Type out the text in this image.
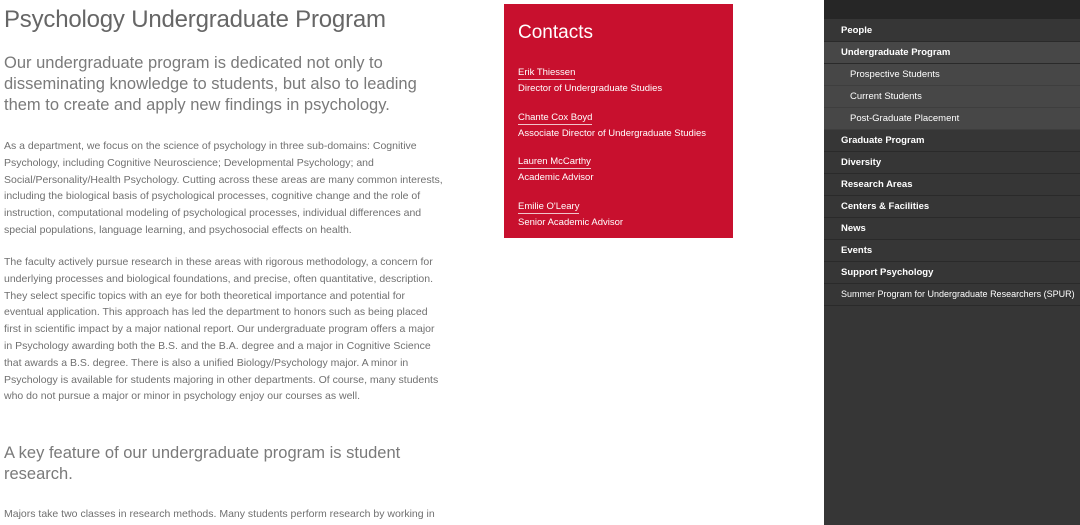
Psychology Undergraduate Program

Our undergraduate program is dedicated not only to disseminating knowledge to students, but also to leading them to create and apply new findings in psychology.

As a department, we focus on the science of psychology in three sub-domains: Cognitive Psychology, including Cognitive Neuroscience; Developmental Psychology; and Social/Personality/Health Psychology. Cutting across these areas are many common interests, including the biological basis of psychological processes, cognitive change and the role of instruction, computational modeling of psychological processes, individual differences and special populations, language learning, and psychosocial effects on health.

The faculty actively pursue research in these areas with rigorous methodology, a concern for underlying processes and biological foundations, and precise, often quantitative, description. They select specific topics with an eye for both theoretical importance and potential for eventual application. This approach has led the department to honors such as being placed first in scientific impact by a major national report. Our undergraduate program offers a major in Psychology awarding both the B.S. and the B.A. degree and a major in Cognitive Science that awards a B.S. degree. There is also a unified Biology/Psychology major. A minor in Psychology is available for students majoring in other departments. Of course, many students who do not pursue a major or minor in psychology enjoy our courses as well.

A key feature of our undergraduate program is student research.

Majors take two classes in research methods. Many students perform research by working in

Contacts
Erik Thiessen
Director of Undergraduate Studies
Chante Cox Boyd
Associate Director of Undergraduate Studies
Lauren McCarthy
Academic Advisor
Emilie O'Leary
Senior Academic Advisor
People
Undergraduate Program
Prospective Students
Current Students
Post-Graduate Placement
Graduate Program
Diversity
Research Areas
Centers & Facilities
News
Events
Support Psychology
Summer Program for Undergraduate Researchers (SPUR)
